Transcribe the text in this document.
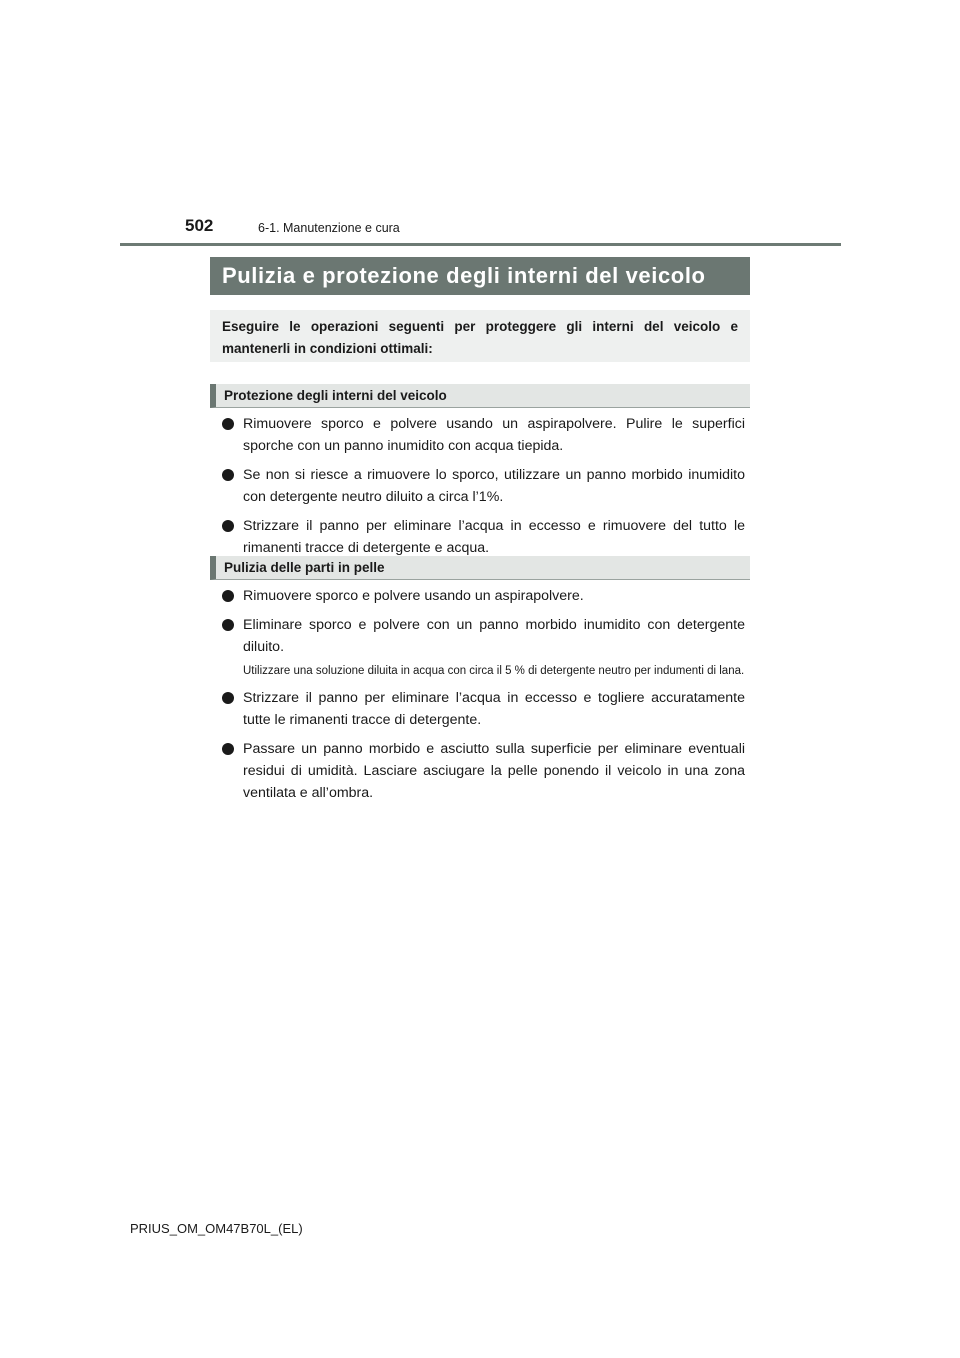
502	6-1. Manutenzione e cura
Pulizia e protezione degli interni del veicolo
Eseguire le operazioni seguenti per proteggere gli interni del veicolo e mantenerli in condizioni ottimali:
Protezione degli interni del veicolo
Rimuovere sporco e polvere usando un aspirapolvere. Pulire le superfici sporche con un panno inumidito con acqua tiepida.
Se non si riesce a rimuovere lo sporco, utilizzare un panno morbido inumidito con detergente neutro diluito a circa l’1%.
Strizzare il panno per eliminare l’acqua in eccesso e rimuovere del tutto le rimanenti tracce di detergente e acqua.
Pulizia delle parti in pelle
Rimuovere sporco e polvere usando un aspirapolvere.
Eliminare sporco e polvere con un panno morbido inumidito con detergente diluito.
Utilizzare una soluzione diluita in acqua con circa il 5 % di detergente neutro per indumenti di lana.
Strizzare il panno per eliminare l’acqua in eccesso e togliere accuratamente tutte le rimanenti tracce di detergente.
Passare un panno morbido e asciutto sulla superficie per eliminare eventuali residui di umidità. Lasciare asciugare la pelle ponendo il veicolo in una zona ventilata e all’ombra.
PRIUS_OM_OM47B70L_(EL)
